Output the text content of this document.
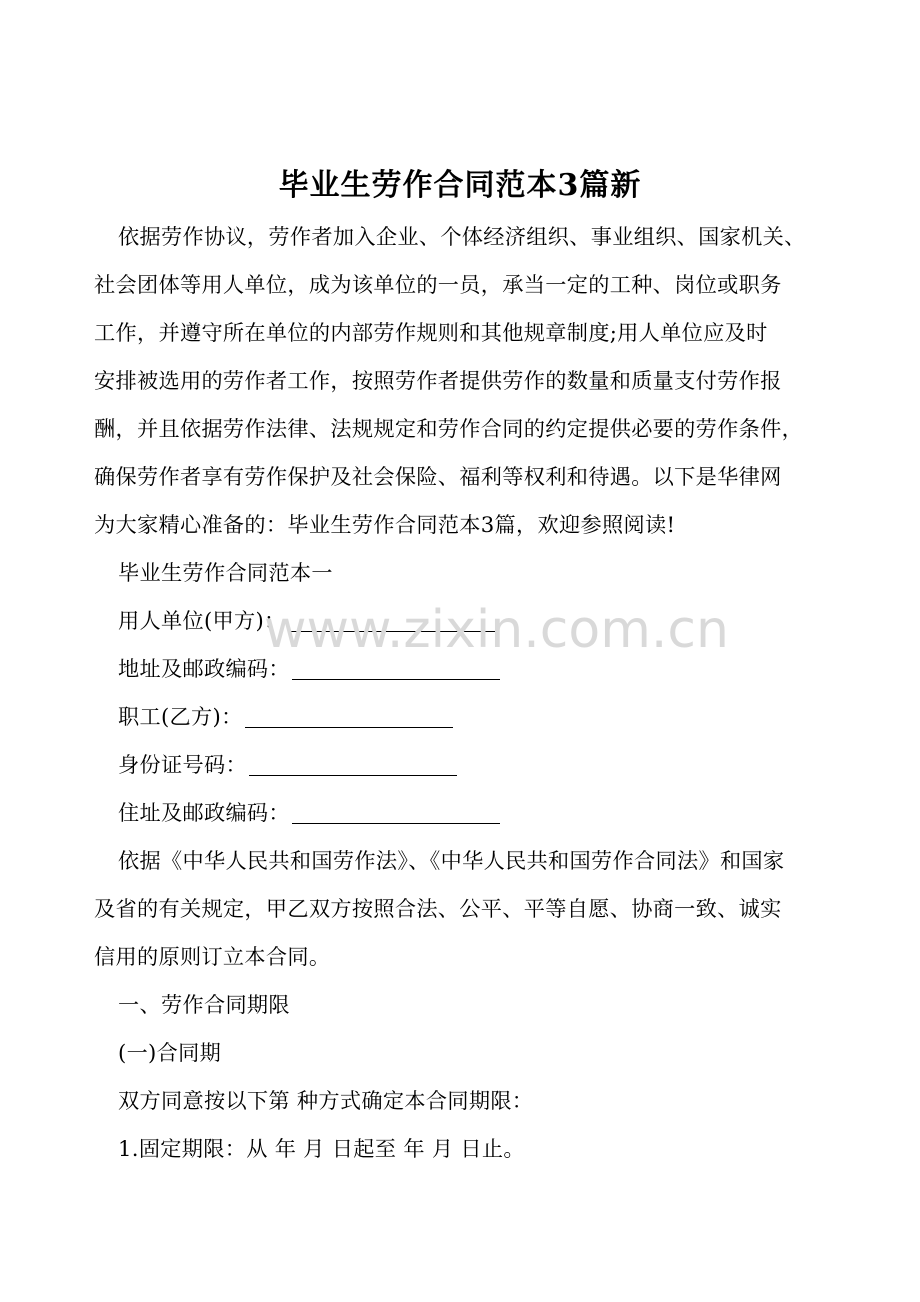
毕业生劳作合同范本3篇新
依据劳作协议，劳作者加入企业、个体经济组织、事业组织、国家机关、
社会团体等用人单位，成为该单位的一员，承当一定的工种、岗位或职务
工作，并遵守所在单位的内部劳作规则和其他规章制度;用人单位应及时
安排被选用的劳作者工作，按照劳作者提供劳作的数量和质量支付劳作报
酬，并且依据劳作法律、法规规定和劳作合同的约定提供必要的劳作条件，
确保劳作者享有劳作保护及社会保险、福利等权利和待遇。以下是华律网
为大家精心准备的：毕业生劳作合同范本3篇，欢迎参照阅读!
毕业生劳作合同范本一
用人单位(甲方)：
地址及邮政编码：
职工(乙方)：
身份证号码：
住址及邮政编码：
依据《中华人民共和国劳作法》、《中华人民共和国劳作合同法》和国家
及省的有关规定，甲乙双方按照合法、公平、平等自愿、协商一致、诚实
信用的原则订立本合同。
一、劳作合同期限
(一)合同期
双方同意按以下第 种方式确定本合同期限：
1.固定期限：从 年 月 日起至 年 月 日止。
www.zixin.com.cn
